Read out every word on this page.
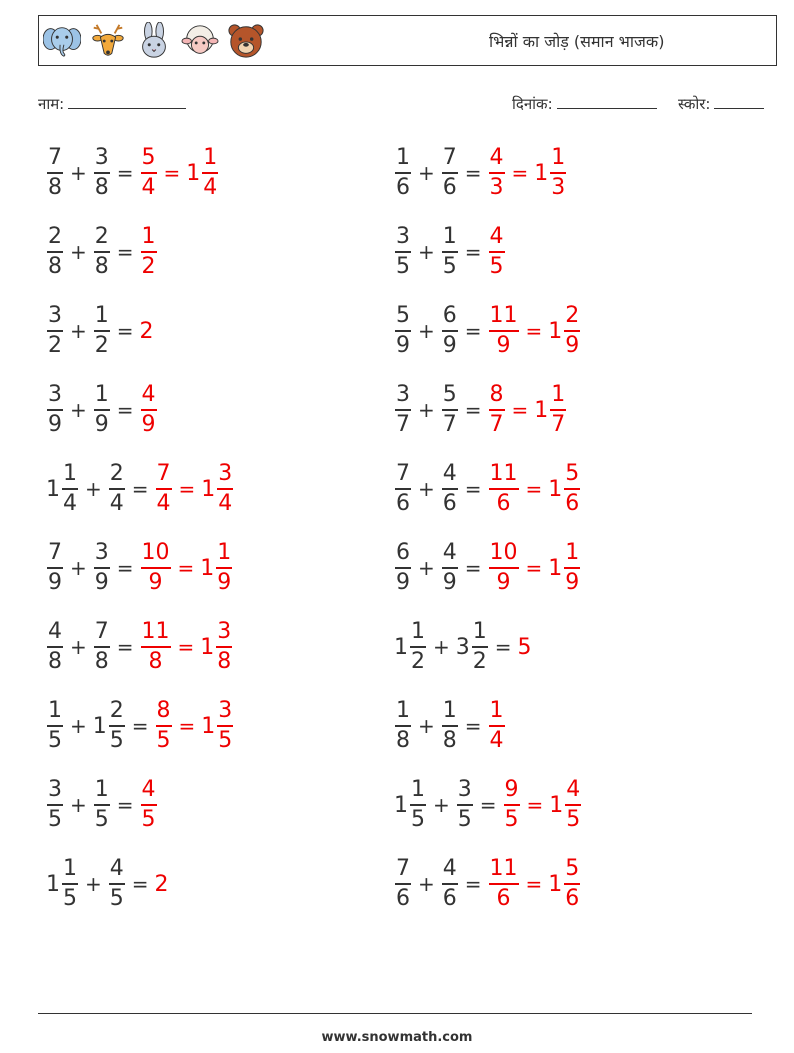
भिन्नों का जोड़ (समान भाजक)
नाम:	दिनांक:	स्कोर:
$\frac{7}{8} + \frac{3}{8} = \frac{5}{4} = 1 \frac{1}{4}$	$\frac{1}{6} + \frac{7}{6} = \frac{4}{3} = 1 \frac{1}{3}$
$\frac{2}{8} + \frac{2}{8} = \frac{1}{2}$	$\frac{3}{5} + \frac{1}{5} = \frac{4}{5}$
$\frac{3}{2} + \frac{1}{2} = 2$	$\frac{5}{9} + \frac{6}{9} = \frac{11}{9} = 1 \frac{2}{9}$
$\frac{3}{9} + \frac{1}{9} = \frac{4}{9}$	$\frac{3}{7} + \frac{5}{7} = \frac{8}{7} = 1 \frac{1}{7}$
$1 \frac{1}{4} + \frac{2}{4} = \frac{7}{4} = 1 \frac{3}{4}$	$\frac{7}{6} + \frac{4}{6} = \frac{11}{6} = 1 \frac{5}{6}$
$\frac{7}{9} + \frac{3}{9} = \frac{10}{9} = 1 \frac{1}{9}$	$\frac{6}{9} + \frac{4}{9} = \frac{10}{9} = 1 \frac{1}{9}$
$\frac{4}{8} + \frac{7}{8} = \frac{11}{8} = 1 \frac{3}{8}$	$1 \frac{1}{2} + 3 \frac{1}{2} = 5$
$\frac{1}{5} + 1 \frac{2}{5} = \frac{8}{5} = 1 \frac{3}{5}$	$\frac{1}{8} + \frac{1}{8} = \frac{1}{4}$
$\frac{3}{5} + \frac{1}{5} = \frac{4}{5}$	$1 \frac{1}{5} + \frac{3}{5} = \frac{9}{5} = 1 \frac{4}{5}$
$1 \frac{1}{5} + \frac{4}{5} = 2$	$\frac{7}{6} + \frac{4}{6} = \frac{11}{6} = 1 \frac{5}{6}$
www.snowmath.com
